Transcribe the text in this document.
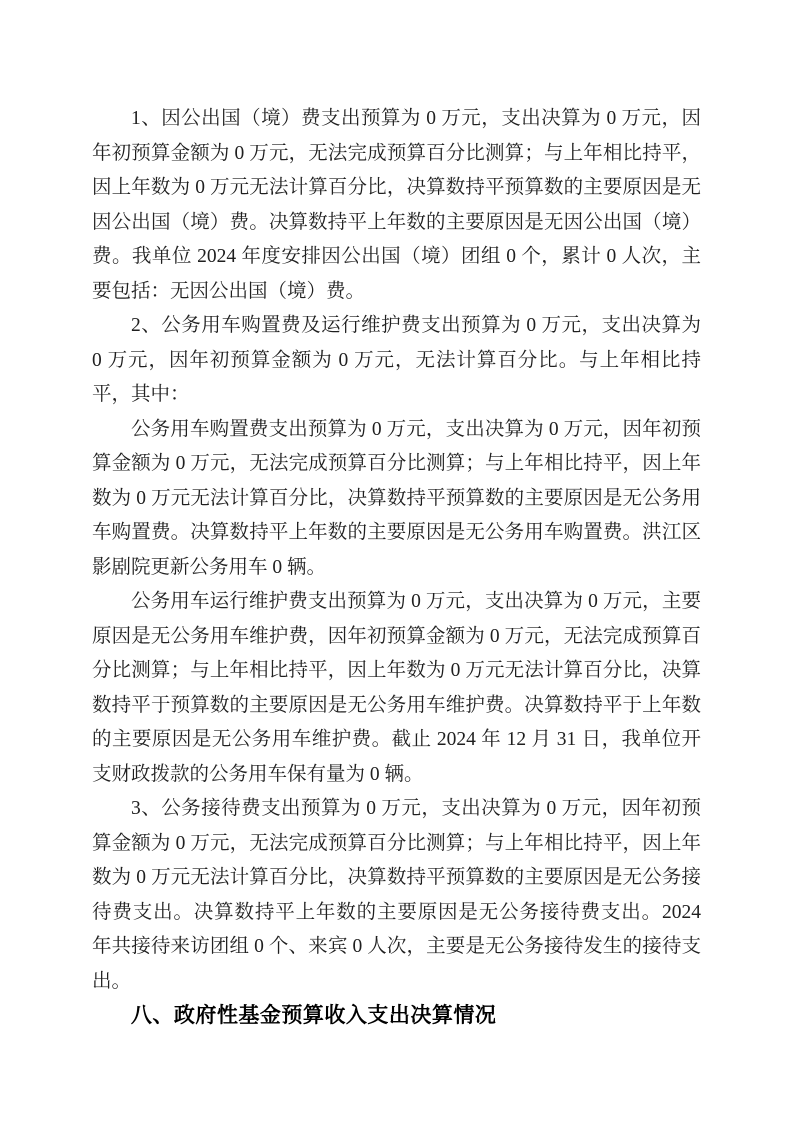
1、因公出国（境）费支出预算为 0 万元，支出决算为 0 万元，因年初预算金额为 0 万元，无法完成预算百分比测算；与上年相比持平，因上年数为 0 万元无法计算百分比，决算数持平预算数的主要原因是无因公出国（境）费。决算数持平上年数的主要原因是无因公出国（境）费。我单位 2024 年度安排因公出国（境）团组 0 个，累计 0 人次，主要包括：无因公出国（境）费。

2、公务用车购置费及运行维护费支出预算为 0 万元，支出决算为 0 万元，因年初预算金额为 0 万元，无法计算百分比。与上年相比持平，其中：

公务用车购置费支出预算为 0 万元，支出决算为 0 万元，因年初预算金额为 0 万元，无法完成预算百分比测算；与上年相比持平，因上年数为 0 万元无法计算百分比，决算数持平预算数的主要原因是无公务用车购置费。决算数持平上年数的主要原因是无公务用车购置费。洪江区影剧院更新公务用车 0 辆。

公务用车运行维护费支出预算为 0 万元，支出决算为 0 万元，主要原因是无公务用车维护费，因年初预算金额为 0 万元，无法完成预算百分比测算；与上年相比持平，因上年数为 0 万元无法计算百分比，决算数持平于预算数的主要原因是无公务用车维护费。决算数持平于上年数的主要原因是无公务用车维护费。截止 2024 年 12 月 31 日，我单位开支财政拨款的公务用车保有量为 0 辆。

3、公务接待费支出预算为 0 万元，支出决算为 0 万元，因年初预算金额为 0 万元，无法完成预算百分比测算；与上年相比持平，因上年数为 0 万元无法计算百分比，决算数持平预算数的主要原因是无公务接待费支出。决算数持平上年数的主要原因是无公务接待费支出。2024 年共接待来访团组 0 个、来宾 0 人次，主要是无公务接待发生的接待支出。

八、政府性基金预算收入支出决算情况
